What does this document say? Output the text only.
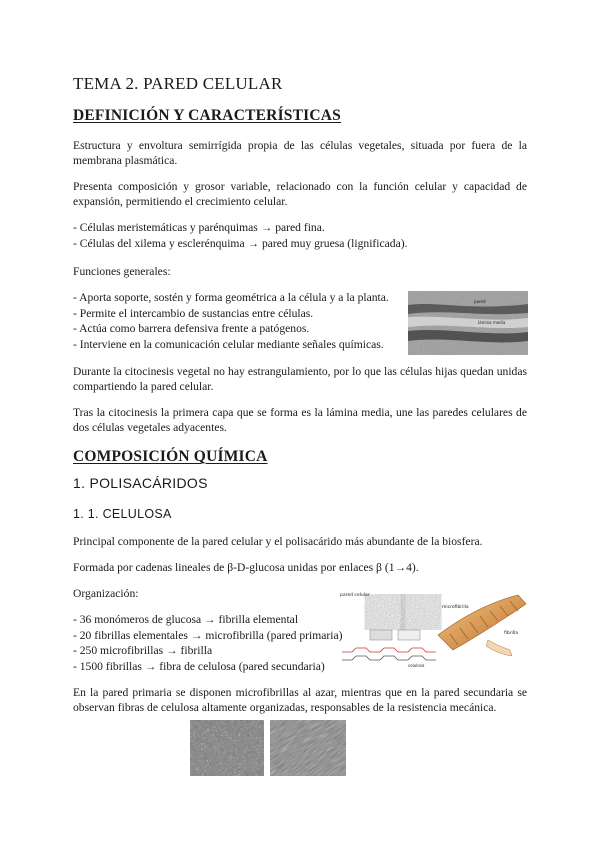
TEMA 2. PARED CELULAR
DEFINICIÓN Y CARACTERÍSTICAS

Estructura y envoltura semirrígida propia de las células vegetales, situada por fuera de la membrana plasmática.

Presenta composición y grosor variable, relacionado con la función celular y capacidad de expansión, permitiendo el crecimiento celular.

- Células meristemáticas y parénquimas → pared fina.
- Células del xilema y esclerénquima → pared muy gruesa (lignificada).
Funciones generales:
- Aporta soporte, sostén y forma geométrica a la célula y a la planta.
- Permite el intercambio de sustancias entre células.
- Actúa como barrera defensiva frente a patógenos.
- Interviene en la comunicación celular mediante señales químicas.
pared
lámina media

Durante la citocinesis vegetal no hay estrangulamiento, por lo que las células hijas quedan unidas compartiendo la pared celular.

Tras la citocinesis la primera capa que se forma es la lámina media, une las paredes celulares de dos células vegetales adyacentes.

COMPOSICIÓN QUÍMICA
1. POLISACÁRIDOS
1. 1. CELULOSA

Principal componente de la pared celular y el polisacárido más abundante de la biosfera.

Formada por cadenas lineales de β-D-glucosa unidas por enlaces β (1→4).

Organización:
- 36 monómeros de glucosa → fibrilla elemental
- 20 fibrillas elementales → microfibrilla (pared primaria)
- 250 microfibrillas → fibrilla
- 1500 fibrillas → fibra de celulosa (pared secundaria)
pared celular
microfibrilla
fibrilla
celulosa

En la pared primaria se disponen microfibrillas al azar, mientras que en la pared secundaria se observan fibras de celulosa altamente organizadas, responsables de la resistencia mecánica.
